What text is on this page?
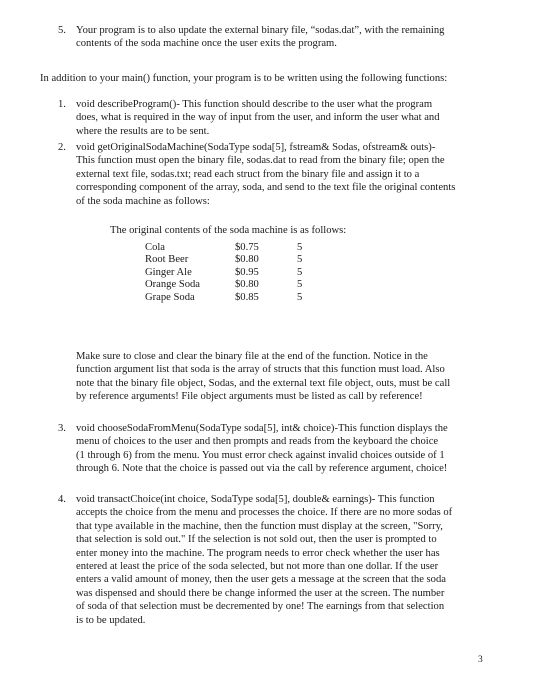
5. Your program is to also update the external binary file, “sodas.dat”, with the remaining

contents of the soda machine once the user exits the program.

In addition to your main() function, your program is to be written using the following functions:
1. void describeProgram()- This function should describe to the user what the program

does, what is required in the way of input from the user, and inform the user what and

where the results are to be sent.

2. void getOriginalSodaMachine(SodaType soda[5], fstream& Sodas, ofstream& outs)-

This function must open the binary file, sodas.dat to read from the binary file; open the

external text file, sodas.txt; read each struct from the binary file and assign it to a

corresponding component of the array, soda, and send to the text file the original contents

of the soda machine as follows:

The original contents of the soda machine is as follows:
Cola	$0.75	5
Root Beer	$0.80	5
Ginger Ale	$0.95	5
Orange Soda	$0.80	5
Grape Soda	$0.85	5

Make sure to close and clear the binary file at the end of the function. Notice in the

function argument list that soda is the array of structs that this function must load. Also

note that the binary file object, Sodas, and the external text file object, outs, must be call

by reference arguments! File object arguments must be listed as call by reference!

3. void chooseSodaFromMenu(SodaType soda[5], int& choice)-This function displays the

menu of choices to the user and then prompts and reads from the keyboard the choice

(1 through 6) from the menu. You must error check against invalid choices outside of 1

through 6. Note that the choice is passed out via the call by reference argument, choice!

4. void transactChoice(int choice, SodaType soda[5], double& earnings)- This function

accepts the choice from the menu and processes the choice. If there are no more sodas of

that type available in the machine, then the function must display at the screen, "Sorry,

that selection is sold out." If the selection is not sold out, then the user is prompted to

enter money into the machine. The program needs to error check whether the user has

entered at least the price of the soda selected, but not more than one dollar. If the user

enters a valid amount of money, then the user gets a message at the screen that the soda

was dispensed and should there be change informed the user at the screen. The number

of soda of that selection must be decremented by one! The earnings from that selection

is to be updated.

3
